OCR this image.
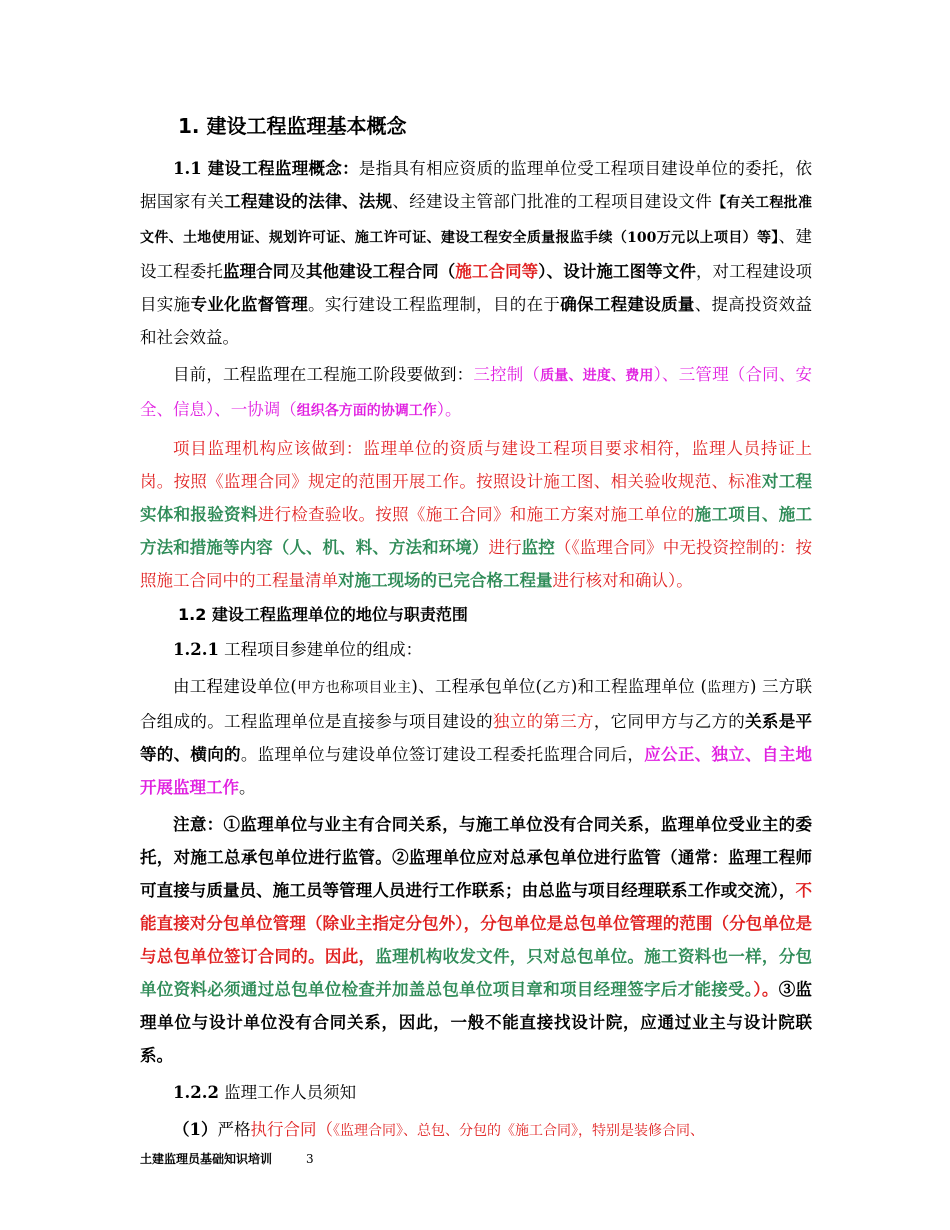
1. 建设工程监理基本概念

1.1 建设工程监理概念：是指具有相应资质的监理单位受工程项目建设单位的委托，依据国家有关工程建设的法律、法规、经建设主管部门批准的工程项目建设文件【有关工程批准文件、土地使用证、规划许可证、施工许可证、建设工程安全质量报监手续（100万元以上项目）等】、建设工程委托监理合同及其他建设工程合同（施工合同等）、设计施工图等文件，对工程建设项目实施专业化监督管理。实行建设工程监理制，目的在于确保工程建设质量、提高投资效益和社会效益。

目前，工程监理在工程施工阶段要做到：三控制（质量、进度、费用）、三管理（合同、安全、信息）、一协调（组织各方面的协调工作）。

项目监理机构应该做到：监理单位的资质与建设工程项目要求相符，监理人员持证上岗。按照《监理合同》规定的范围开展工作。按照设计施工图、相关验收规范、标准对工程实体和报验资料进行检查验收。按照《施工合同》和施工方案对施工单位的施工项目、施工方法和措施等内容（人、机、料、方法和环境）进行监控（《监理合同》中无投资控制的：按照施工合同中的工程量清单对施工现场的已完合格工程量进行核对和确认）。

1.2 建设工程监理单位的地位与职责范围

1.2.1 工程项目参建单位的组成：

由工程建设单位(甲方也称项目业主)、工程承包单位(乙方)和工程监理单位 (监理方) 三方联合组成的。工程监理单位是直接参与项目建设的独立的第三方，它同甲方与乙方的关系是平等的、横向的。监理单位与建设单位签订建设工程委托监理合同后，应公正、独立、自主地开展监理工作。

注意：①监理单位与业主有合同关系，与施工单位没有合同关系，监理单位受业主的委托，对施工总承包单位进行监管。②监理单位应对总承包单位进行监管（通常：监理工程师可直接与质量员、施工员等管理人员进行工作联系；由总监与项目经理联系工作或交流），不能直接对分包单位管理（除业主指定分包外），分包单位是总包单位管理的范围（分包单位是与总包单位签订合同的。因此，监理机构收发文件，只对总包单位。施工资料也一样，分包单位资料必须通过总包单位检查并加盖总包单位项目章和项目经理签字后才能接受。）。③监理单位与设计单位没有合同关系，因此，一般不能直接找设计院，应通过业主与设计院联系。

1.2.2 监理工作人员须知

（1）严格执行合同（《监理合同》、总包、分包的《施工合同》，特别是装修合同、

土建监理员基础知识培训	3
